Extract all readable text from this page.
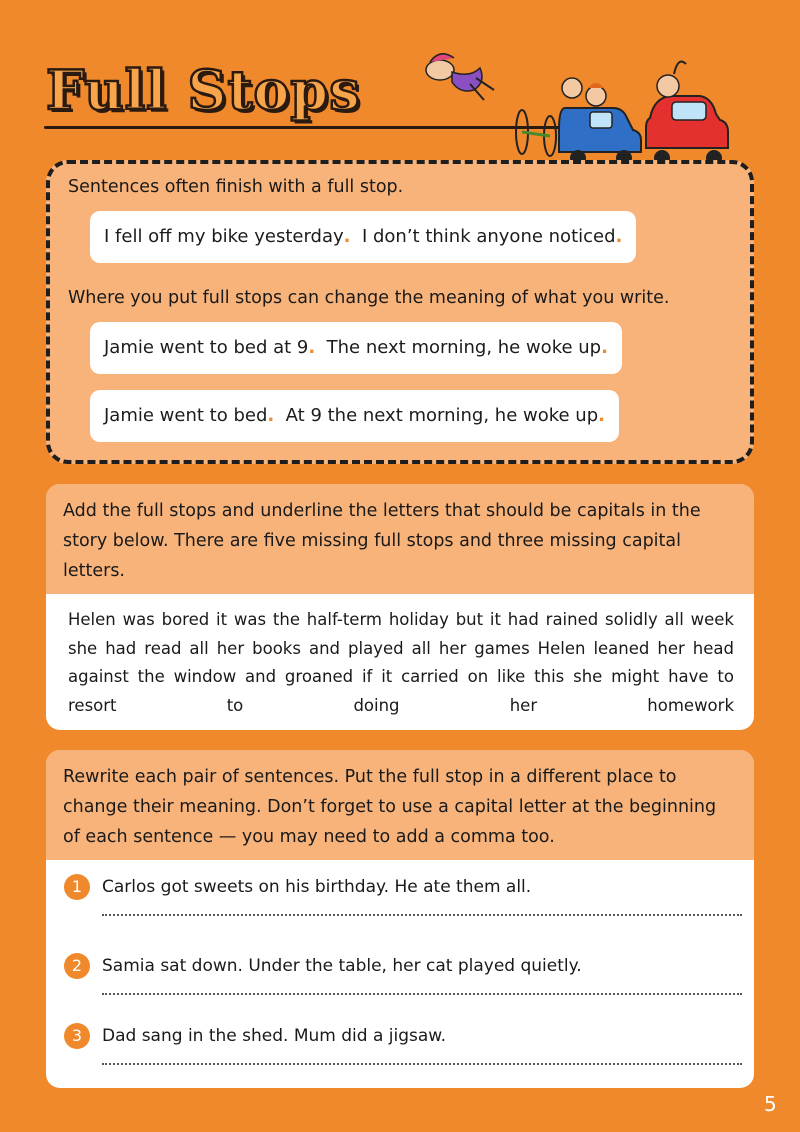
Full Stops
Sentences often finish with a full stop.
I fell off my bike yesterday.  I don’t think anyone noticed.
Where you put full stops can change the meaning of what you write.
Jamie went to bed at 9.  The next morning, he woke up.
Jamie went to bed.  At 9 the next morning, he woke up.
Add the full stops and underline the letters that should be capitals in the story below. There are five missing full stops and three missing capital letters.
Helen was bored it was the half-term holiday but it had rained solidly all week she had read all her books and played all her games Helen leaned her head against the window and groaned if it carried on like this she might have to resort to doing her homework
Rewrite each pair of sentences. Put the full stop in a different place to change their meaning. Don’t forget to use a capital letter at the beginning of each sentence — you may need to add a comma too.
1	Carlos got sweets on his birthday. He ate them all.
2	Samia sat down. Under the table, her cat played quietly.
3	Dad sang in the shed. Mum did a jigsaw.
5
